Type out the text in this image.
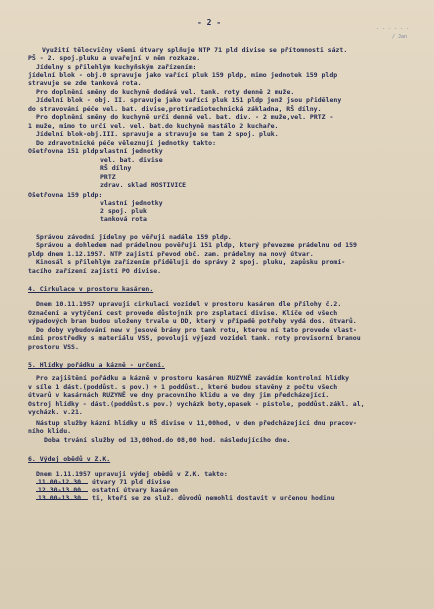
- 2 -
- - - - - -
/ Jan
Využití tělocvičny všemi útvary splňuje NTP 71 pld divise se přítomnosti sázt.
PŠ - 2. spoj.pluku a uvařejní v něm rozkaze.
Jídelny s přilehlým kuchyňským zařízením:
jídelní blok - obj.0 spravuje jako vařící pluk 159 pldp, mimo jednotek 159 pldp
stravuje se zde tanková rota.
Pro doplnění směny do kuchyně dodává vel. tank. roty denně 2 muže.
Jídelní blok - obj. II. spravuje jako vařící pluk 151 pldp jenž jsou přiděleny
do stravování péče vel. bat. divise,protiradiotechnická základna, RŠ dílny.
Pro doplnění směny do kuchyně určí denně vel. bat. div. - 2 muže,vel. PRTZ -
1 muže, mimo to určí vel. vel. bat.do kuchyně nastálo 2 kuchaře.
Jídelní blok-obj.III. spravuje a stravuje se tam 2 spoj. pluk.
Do zdravotnické péče věleznují jednotky takto:
Ošetřovna 151 pldp:
vlastní jednotky
vel. bat. divise
RŠ dílny
PRTZ
zdrav. sklad HOSTIVICE
Ošetřovna 159 pldp:
vlastní jednotky
2 spoj. pluk
tanková rota
Správou závodní jídelny po věřuji nadále 159 pldp.
Správou a dohledem nad prádelnou pověřuji 151 pldp, který převezme prádelnu od 159
pldp dnem 1.12.1957. NTP zajistí převod obč. zam. prádelny na nový útvar.
Kinosál s přilehlým zařízením přiděluji do správy 2 spoj. pluku, zapůsku promí-
tacího zařízení zajistí PO divise.
4. Cirkulace v prostoru kasáren.
Dnem 10.11.1957 upravuji cirkulaci vozidel v prostoru kasáren dle přílohy č.2.
Označení a vytýčení cest provede důstojník pro zsplatací divise. Klíče od všech
výpadových bran budou uloženy trvale u DD, který v případě potřeby vydá dos. útvarů.
Do doby vybudování new v jesové brány pro tank rotu, kterou ní tato provede vlast-
ními prostředky s materiálu VSS, povoluji výjezd vozidel tank. roty provisorní branou
prostoru VSS.
5. Hlídky pořádku a kázně - určení.
Pro zajištění pořádku a kázně v prostoru kasáren RUZYNĚ zavádím kontrolní hlídky
v síle 1 dást.(poddůst. s pov.) + 1 poddůst., které budou stavěny z počtu všech
útvarů v kasárnách RUZYNĚ ve dny pracovního klidu a ve dny jim předcházející.
Ostroj hlídky - dást.(poddůst.s pov.) vycházk boty,opasek - pistole, poddůst.zákl. al,
vycházk. v.21.
Nástup služby kázní hlídky u RŠ divise v 11,00hod, v den předcházející dnu pracov-
ního klidu.
Doba trvání služby od 13,00hod.do 08,00 hod. následujícího dne.
6. Výdej obědů v Z.K.
Dnem 1.11.1957 upravuji výdej obědů v Z.K. takto:
11.00-12.30 útvary 71 pld divise
12.30-13.00 ostatní útvary kasáren
13.00-13.30 ti, kteří se ze služ. důvodů nemohli dostavit v určenou hodinu
